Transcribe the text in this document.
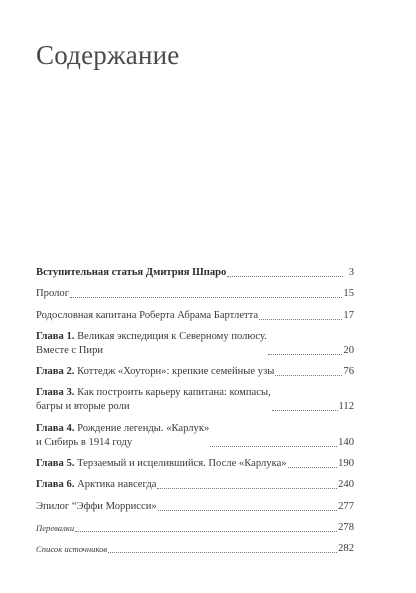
Содержание
Вступительная статья Дмитрия Шпаро	3
Пролог	15
Родословная капитана Роберта Абрама Бартлетта	17
Глава 1. Великая экспедиция к Северному полюсу.
Вместе с Пири	20
Глава 2. Коттедж «Хоуторн»: крепкие семейные узы	76
Глава 3. Как построить карьеру капитана: компасы,
багры и вторые роли	112
Глава 4. Рождение легенды. «Карлук»
и Сибирь в 1914 году	140
Глава 5. Терзаемый и исцелившийся. После «Карлука»	190
Глава 6. Арктика навсегда	240
Эпилог “Эффи Моррисси»	277
Перевалки	278
Список источников	282
